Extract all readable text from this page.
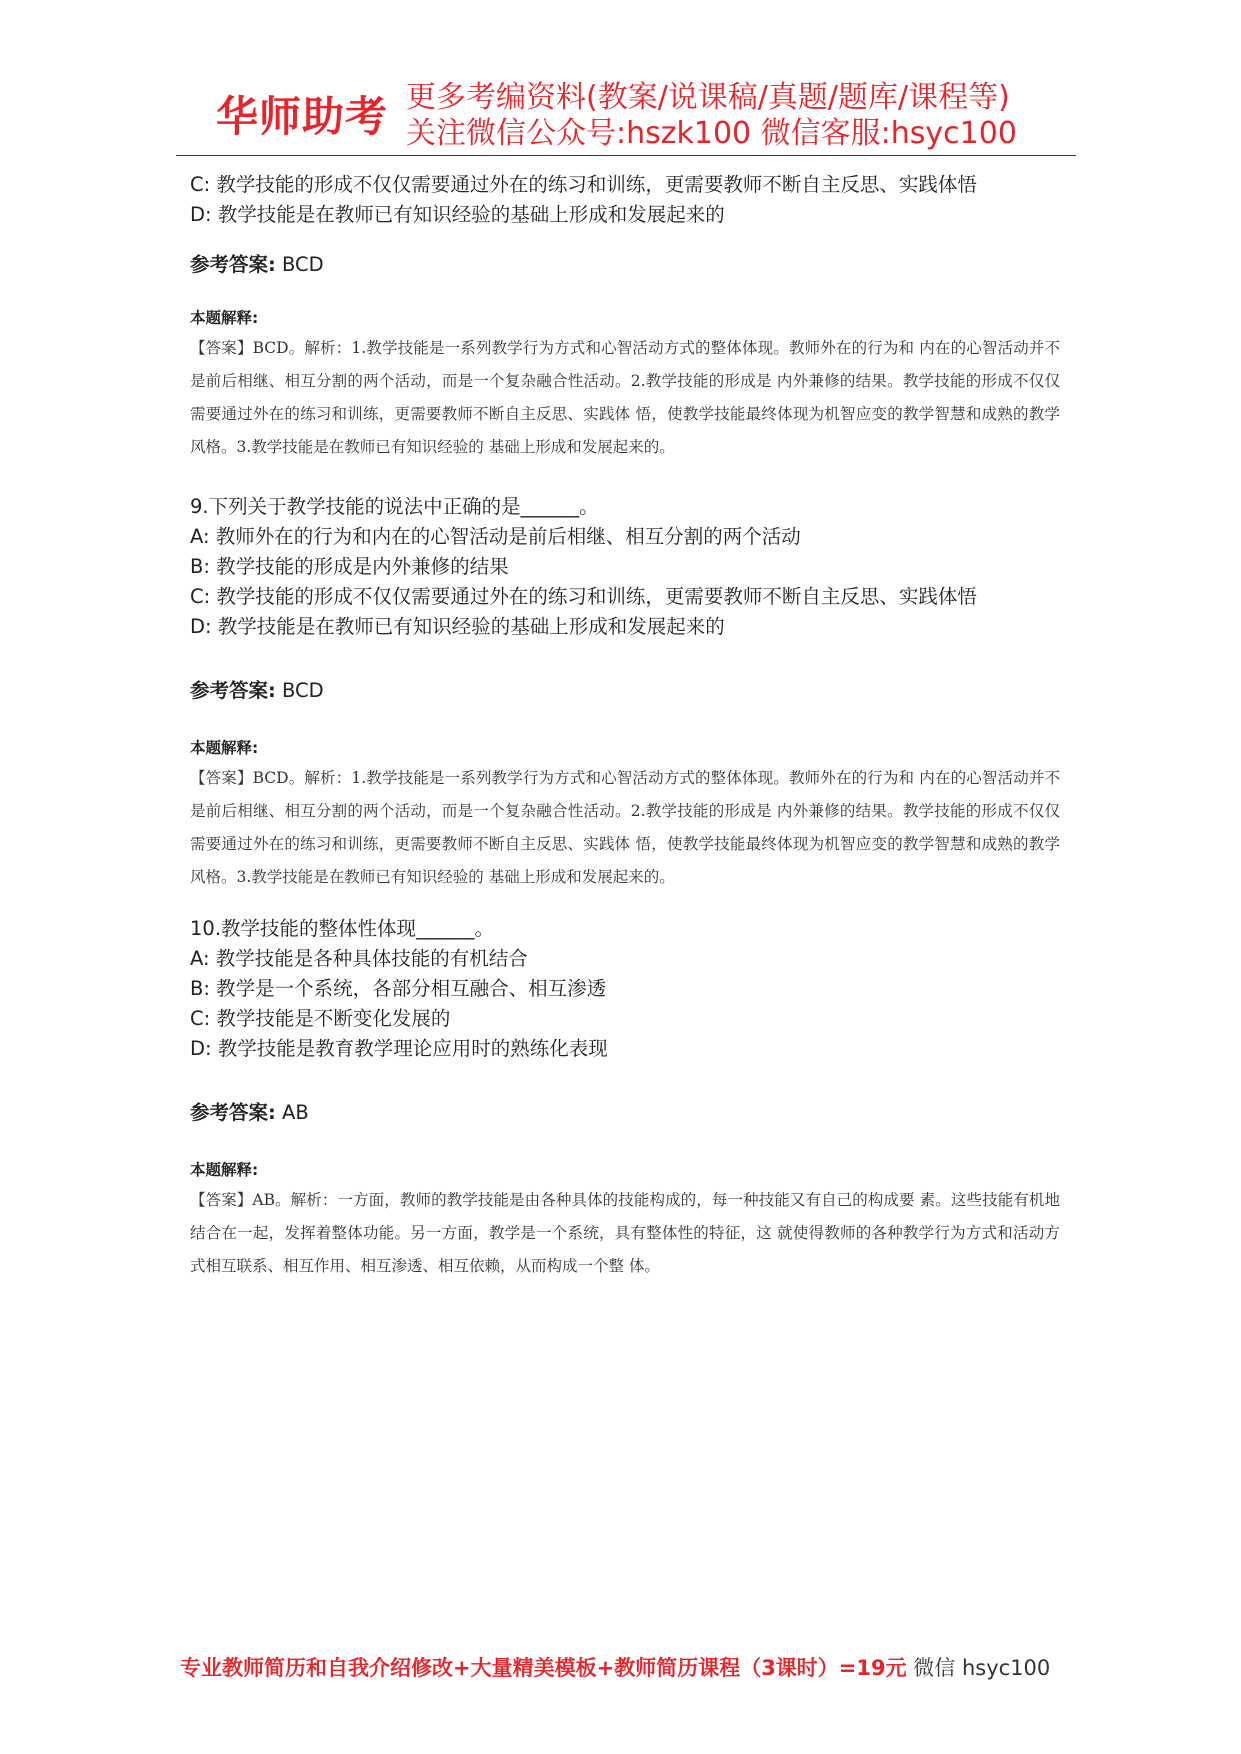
华师助考 更多考编资料(教案/说课稿/真题/题库/课程等)
关注微信公众号:hszk100 微信客服:hsyc100

C: 教学技能的形成不仅仅需要通过外在的练习和训练，更需要教师不断自主反思、实践体悟

D: 教学技能是在教师已有知识经验的基础上形成和发展起来的

参考答案: BCD

本题解释:

【答案】BCD。解析：1.教学技能是一系列教学行为方式和心智活动方式的整体体现。教师外在的行为和 内在的心智活动并不是前后相继、相互分割的两个活动，而是一个复杂融合性活动。2.教学技能的形成是 内外兼修的结果。教学技能的形成不仅仅需要通过外在的练习和训练，更需要教师不断自主反思、实践体 悟，使教学技能最终体现为机智应变的教学智慧和成熟的教学风格。3.教学技能是在教师已有知识经验的 基础上形成和发展起来的。

9.下列关于教学技能的说法中正确的是______。

A: 教师外在的行为和内在的心智活动是前后相继、相互分割的两个活动

B: 教学技能的形成是内外兼修的结果

C: 教学技能的形成不仅仅需要通过外在的练习和训练，更需要教师不断自主反思、实践体悟

D: 教学技能是在教师已有知识经验的基础上形成和发展起来的

参考答案: BCD

本题解释:

【答案】BCD。解析：1.教学技能是一系列教学行为方式和心智活动方式的整体体现。教师外在的行为和 内在的心智活动并不是前后相继、相互分割的两个活动，而是一个复杂融合性活动。2.教学技能的形成是 内外兼修的结果。教学技能的形成不仅仅需要通过外在的练习和训练，更需要教师不断自主反思、实践体 悟，使教学技能最终体现为机智应变的教学智慧和成熟的教学风格。3.教学技能是在教师已有知识经验的 基础上形成和发展起来的。

10.教学技能的整体性体现______。

A: 教学技能是各种具体技能的有机结合

B: 教学是一个系统，各部分相互融合、相互渗透

C: 教学技能是不断变化发展的

D: 教学技能是教育教学理论应用时的熟练化表现

参考答案: AB

本题解释:

【答案】AB。解析：一方面，教师的教学技能是由各种具体的技能构成的，每一种技能又有自己的构成要 素。这些技能有机地结合在一起，发挥着整体功能。另一方面，教学是一个系统，具有整体性的特征，这 就使得教师的各种教学行为方式和活动方式相互联系、相互作用、相互渗透、相互依赖，从而构成一个整 体。

专业教师简历和自我介绍修改+大量精美模板+教师简历课程（3课时）=19元 微信 hsyc100
